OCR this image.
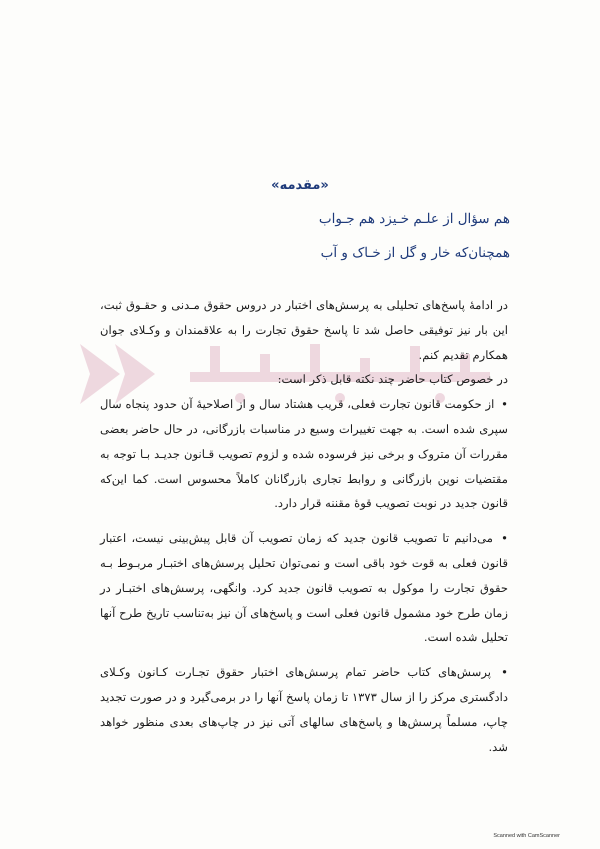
«مقدمه»
هم سؤال از علـم خـیزد هم جـواب
همچنان‌که خار و گل از خـاک و آب

در ادامهٔ پاسخ‌های تحلیلی به پرسش‌های اختبار در دروس حقوق مـدنی و حقـوق ثبت، این بار نیز توفیقی حاصل شد تا پاسخ حقوق تجارت را به علاقمندان و وکـلای جوان همکارم تقدیم کنم.

در خصوص کتاب حاضر چند نکته قابل ذکر است:

• از حکومت قانون تجارت فعلی، قریب هشتاد سال و از اصلاحیهٔ آن حدود پنجاه سال سپری شده است. به جهت تغییرات وسیع در مناسبات بازرگانی، در حال حاضر بعضی مقررات آن متروک و برخی نیز فرسوده شده و لزوم تصویب قـانون جدیـد بـا توجه به مقتضیات نوین بازرگانی و روابط تجاری بازرگانان کاملاً محسوس است. کما این‌که قانون جدید در نوبت تصویب قوهٔ مقننه قرار دارد.

• می‌دانیم تا تصویب قانون جدید که زمان تصویب آن قابل پیش‌بینی نیست، اعتبار قانون فعلی به قوت خود باقی است و نمی‌توان تحلیل پرسش‌های اختبـار مربـوط بـه حقوق تجارت را موکول به تصویب قانون جدید کرد. وانگهی، پرسش‌های اختبـار در زمان طرح خود مشمول قانون فعلی است و پاسخ‌های آن نیز به‌تناسب تاریخ طرح آنها تحلیل شده است.

• پرسش‌های کتاب حاضر تمام پرسش‌های اختبار حقوق تجـارت کـانون وکـلای دادگستری مرکز را از سال ۱۳۷۳ تا زمان پاسخ آنها را در برمی‌گیرد و در صورت تجدید چاپ، مسلماً پرسش‌ها و پاسخ‌های سالهای آتی نیز در چاپ‌های بعدی منظور خواهد شد.

Scanned with CamScanner
